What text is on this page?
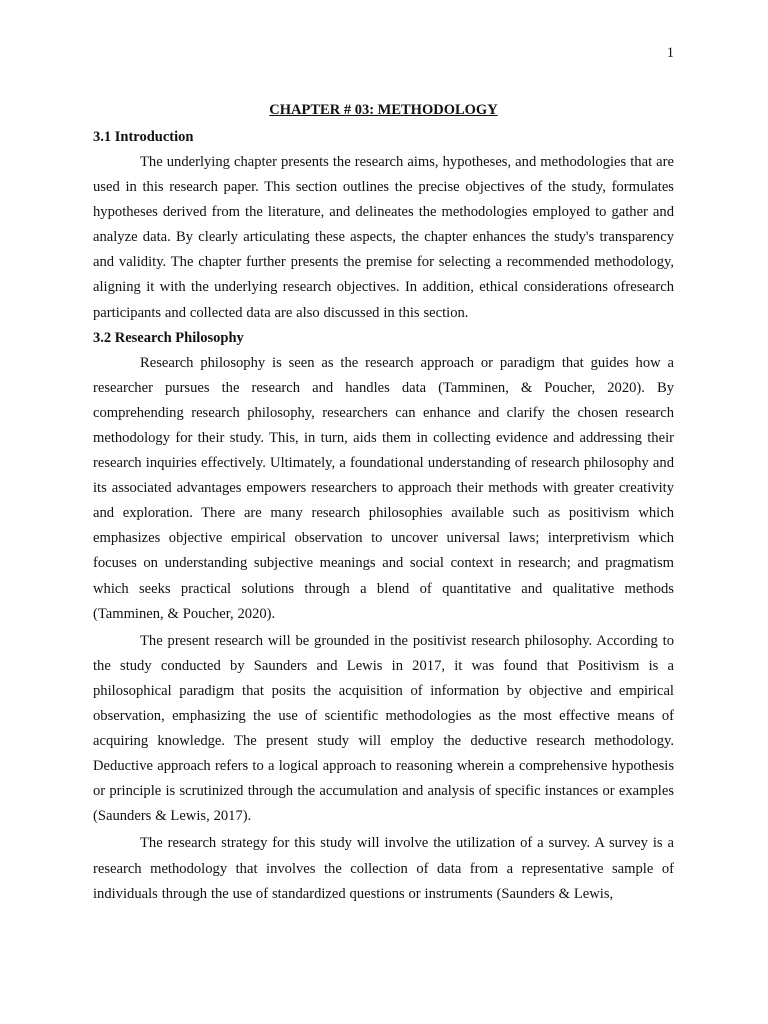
1
CHAPTER # 03: METHODOLOGY
3.1 Introduction

The underlying chapter presents the research aims, hypotheses, and methodologies that are used in this research paper. This section outlines the precise objectives of the study, formulates hypotheses derived from the literature, and delineates the methodologies employed to gather and analyze data. By clearly articulating these aspects, the chapter enhances the study's transparency and validity. The chapter further presents the premise for selecting a recommended methodology, aligning it with the underlying research objectives. In addition, ethical considerations ofresearch participants and collected data are also discussed in this section.

3.2 Research Philosophy

Research philosophy is seen as the research approach or paradigm that guides how a researcher pursues the research and handles data (Tamminen, & Poucher, 2020). By comprehending research philosophy, researchers can enhance and clarify the chosen research methodology for their study. This, in turn, aids them in collecting evidence and addressing their research inquiries effectively. Ultimately, a foundational understanding of research philosophy and its associated advantages empowers researchers to approach their methods with greater creativity and exploration. There are many research philosophies available such as positivism which emphasizes objective empirical observation to uncover universal laws; interpretivism which focuses on understanding subjective meanings and social context in research; and pragmatism which seeks practical solutions through a blend of quantitative and qualitative methods (Tamminen, & Poucher, 2020).

The present research will be grounded in the positivist research philosophy. According to the study conducted by Saunders and Lewis in 2017, it was found that Positivism is a philosophical paradigm that posits the acquisition of information by objective and empirical observation, emphasizing the use of scientific methodologies as the most effective means of acquiring knowledge. The present study will employ the deductive research methodology. Deductive approach refers to a logical approach to reasoning wherein a comprehensive hypothesis or principle is scrutinized through the accumulation and analysis of specific instances or examples (Saunders & Lewis, 2017).

The research strategy for this study will involve the utilization of a survey. A survey is a research methodology that involves the collection of data from a representative sample of individuals through the use of standardized questions or instruments (Saunders & Lewis,
